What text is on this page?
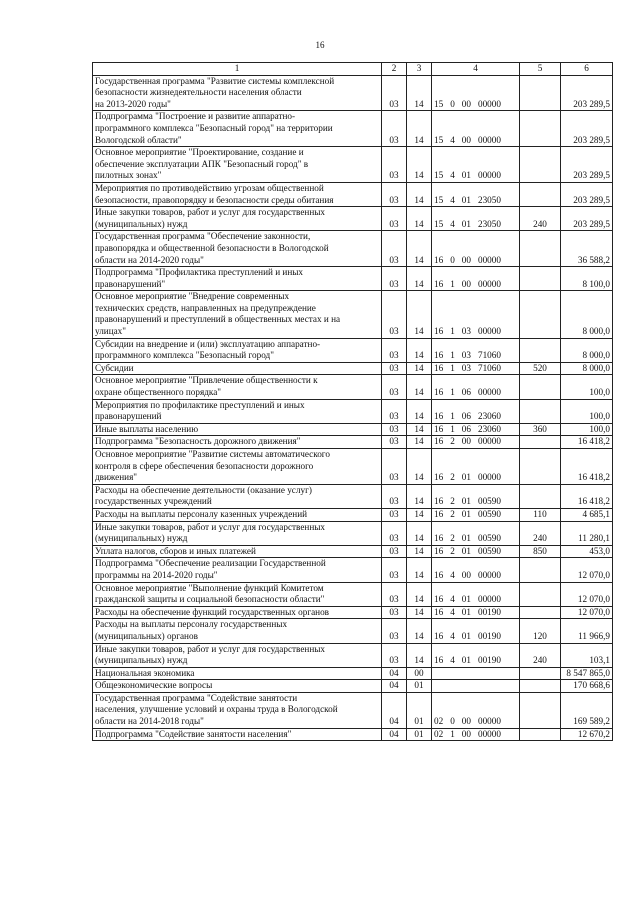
16
1	2	3	4	5	6
Государственная программа "Развитие системы комплексной
безопасности жизнедеятельности населения области
на 2013-2020 годы"	03	14	15 0 00 00000		203 289,5
Подпрограмма "Построение и развитие аппаратно-
программного комплекса "Безопасный город" на территории
Вологодской области"	03	14	15 4 00 00000		203 289,5
Основное мероприятие "Проектирование, создание и
обеспечение эксплуатации АПК "Безопасный город" в
пилотных зонах"	03	14	15 4 01 00000		203 289,5
Мероприятия по противодействию угрозам общественной
безопасности, правопорядку и безопасности среды обитания	03	14	15 4 01 23050		203 289,5
Иные закупки товаров, работ и услуг для государственных
(муниципальных) нужд	03	14	15 4 01 23050	240	203 289,5
Государственная программа "Обеспечение законности,
правопорядка и общественной безопасности в Вологодской
области на 2014-2020 годы"	03	14	16 0 00 00000		36 588,2
Подпрограмма "Профилактика преступлений и иных
правонарушений"	03	14	16 1 00 00000		8 100,0
Основное мероприятие "Внедрение современных
технических средств, направленных на предупреждение
правонарушений и преступлений в общественных местах и на
улицах"	03	14	16 1 03 00000		8 000,0
Субсидии на внедрение и (или) эксплуатацию аппаратно-
программного комплекса "Безопасный город"	03	14	16 1 03 71060		8 000,0
Субсидии	03	14	16 1 03 71060	520	8 000,0
Основное мероприятие "Привлечение общественности к
охране общественного порядка"	03	14	16 1 06 00000		100,0
Мероприятия по профилактике преступлений и иных
правонарушений	03	14	16 1 06 23060		100,0
Иные выплаты населению	03	14	16 1 06 23060	360	100,0
Подпрограмма "Безопасность дорожного движения"	03	14	16 2 00 00000		16 418,2
Основное мероприятие "Развитие системы автоматического
контроля в сфере обеспечения безопасности дорожного
движения"	03	14	16 2 01 00000		16 418,2
Расходы на обеспечение деятельности (оказание услуг)
государственных учреждений	03	14	16 2 01 00590		16 418,2
Расходы на выплаты персоналу казенных учреждений	03	14	16 2 01 00590	110	4 685,1
Иные закупки товаров, работ и услуг для государственных
(муниципальных) нужд	03	14	16 2 01 00590	240	11 280,1
Уплата налогов, сборов и иных платежей	03	14	16 2 01 00590	850	453,0
Подпрограмма "Обеспечение реализации Государственной
программы на 2014-2020 годы"	03	14	16 4 00 00000		12 070,0
Основное мероприятие "Выполнение функций Комитетом
гражданской защиты и социальной безопасности области"	03	14	16 4 01 00000		12 070,0
Расходы на обеспечение функций государственных органов	03	14	16 4 01 00190		12 070,0
Расходы на выплаты персоналу государственных
(муниципальных) органов	03	14	16 4 01 00190	120	11 966,9
Иные закупки товаров, работ и услуг для государственных
(муниципальных) нужд	03	14	16 4 01 00190	240	103,1
Национальная экономика	04	00			8 547 865,0
Общеэкономические вопросы	04	01			170 668,6
Государственная программа "Содействие занятости
населения, улучшение условий и охраны труда в Вологодской
области на 2014-2018 годы"	04	01	02 0 00 00000		169 589,2
Подпрограмма "Содействие занятости населения"	04	01	02 1 00 00000		12 670,2
